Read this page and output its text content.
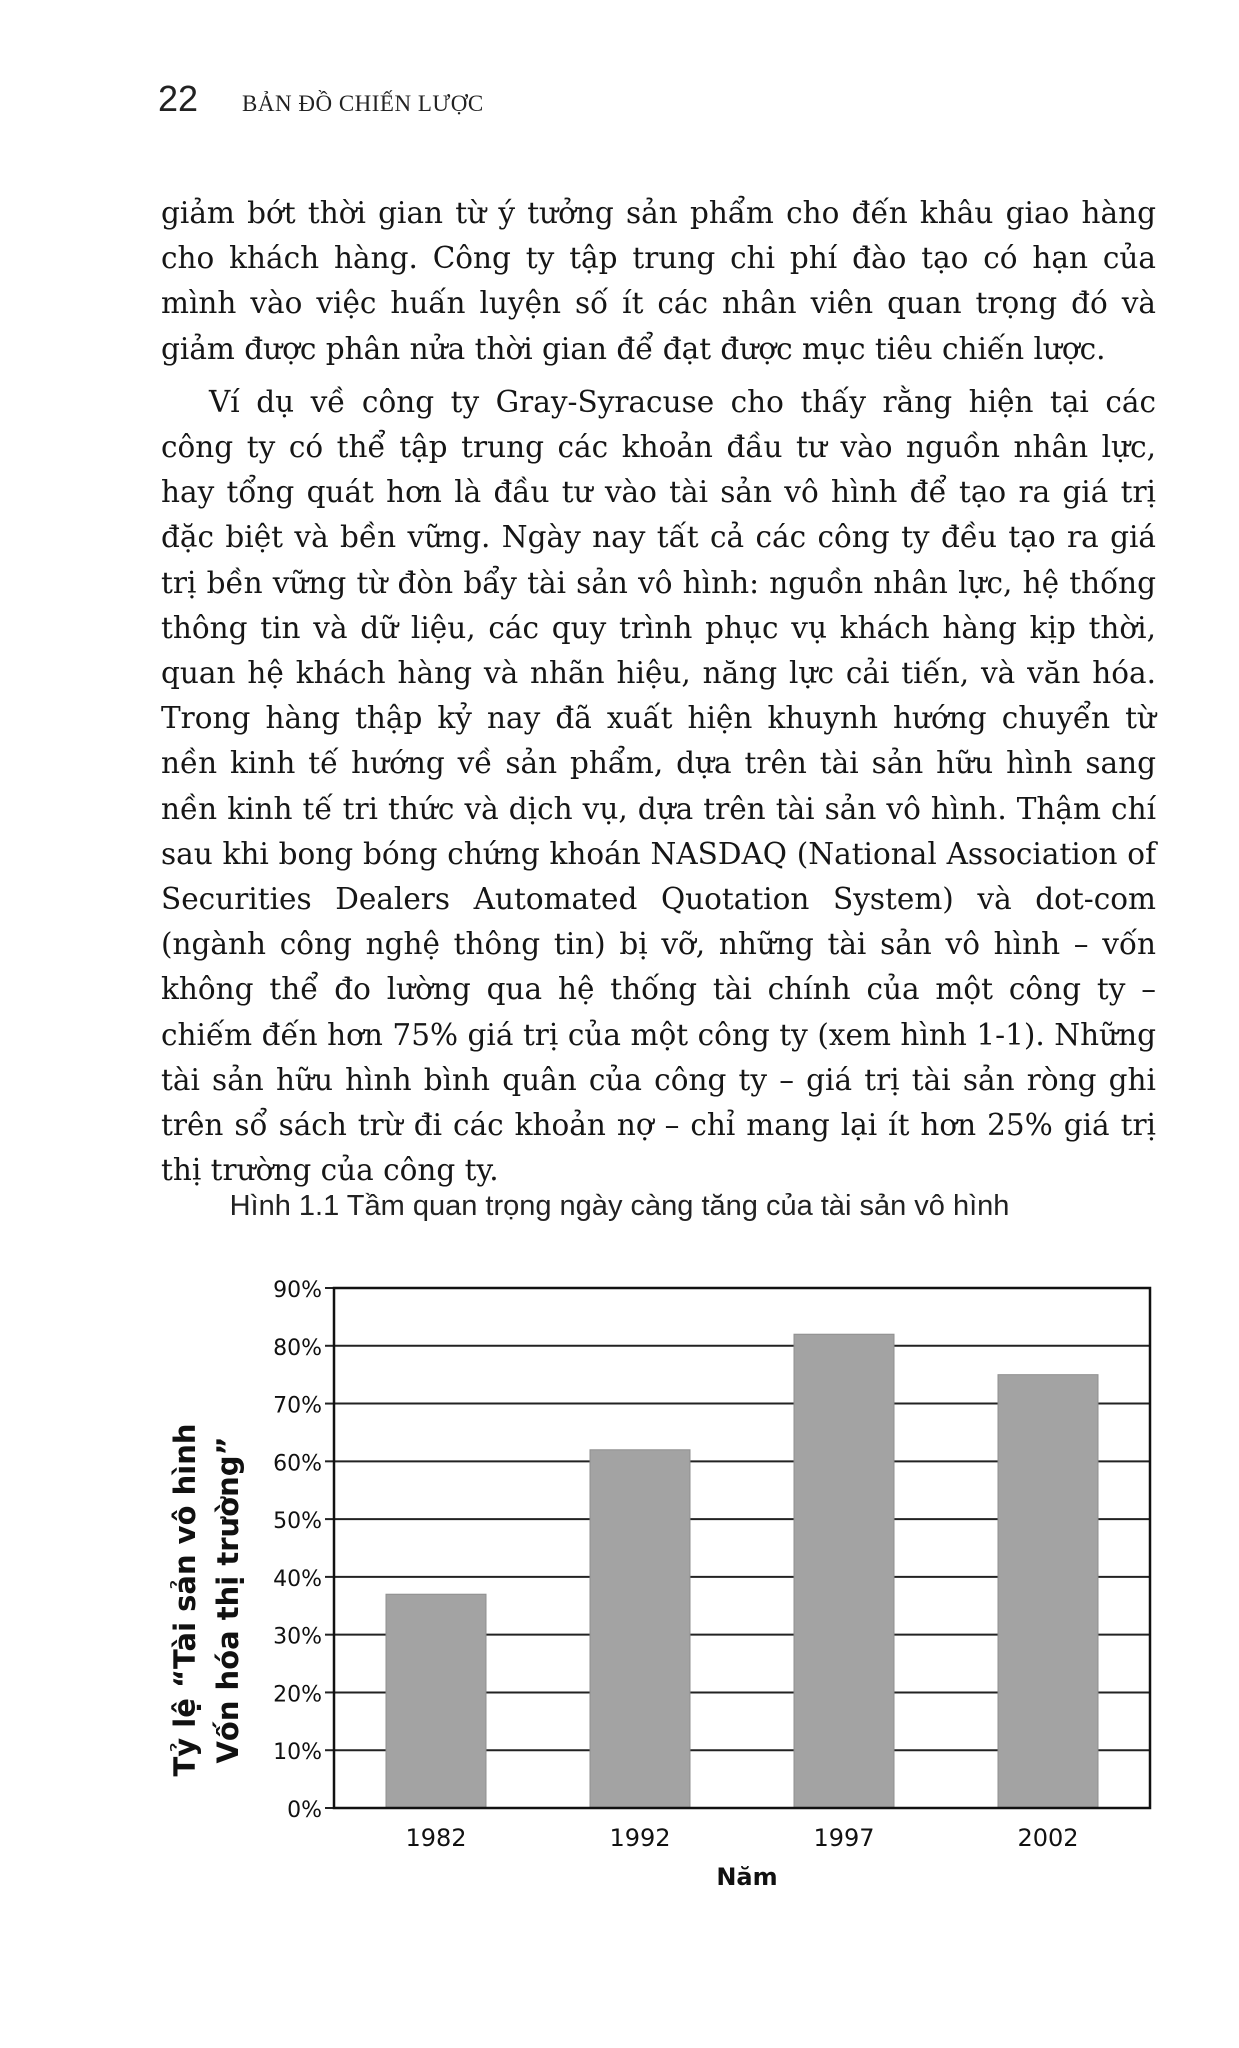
22 BẢN ĐỒ CHIẾN LƯỢC

giảm bớt thời gian từ ý tưởng sản phẩm cho đến khâu giao hàng cho khách hàng. Công ty tập trung chi phí đào tạo có hạn của mình vào việc huấn luyện số ít các nhân viên quan trọng đó và giảm được phân nửa thời gian để đạt được mục tiêu chiến lược.

Ví dụ về công ty Gray-Syracuse cho thấy rằng hiện tại các công ty có thể tập trung các khoản đầu tư vào nguồn nhân lực, hay tổng quát hơn là đầu tư vào tài sản vô hình để tạo ra giá trị đặc biệt và bền vững. Ngày nay tất cả các công ty đều tạo ra giá trị bền vững từ đòn bẩy tài sản vô hình: nguồn nhân lực, hệ thống thông tin và dữ liệu, các quy trình phục vụ khách hàng kịp thời, quan hệ khách hàng và nhãn hiệu, năng lực cải tiến, và văn hóa. Trong hàng thập kỷ nay đã xuất hiện khuynh hướng chuyển từ nền kinh tế hướng về sản phẩm, dựa trên tài sản hữu hình sang nền kinh tế tri thức và dịch vụ, dựa trên tài sản vô hình. Thậm chí sau khi bong bóng chứng khoán NASDAQ (National Association of Securities Dealers Automated Quotation System) và dot-com (ngành công nghệ thông tin) bị vỡ, những tài sản vô hình – vốn không thể đo lường qua hệ thống tài chính của một công ty – chiếm đến hơn 75% giá trị của một công ty (xem hình 1-1). Những tài sản hữu hình bình quân của công ty – giá trị tài sản ròng ghi trên sổ sách trừ đi các khoản nợ – chỉ mang lại ít hơn 25% giá trị thị trường của công ty.

Hình 1.1 Tầm quan trọng ngày càng tăng của tài sản vô hình
0%
10%
20%
30%
40%
50%
60%
70%
80%
90%
1982	1992	1997	2002
Năm
Tỷ lệ “Tài sản vô hình Vốn hóa thị trường”
